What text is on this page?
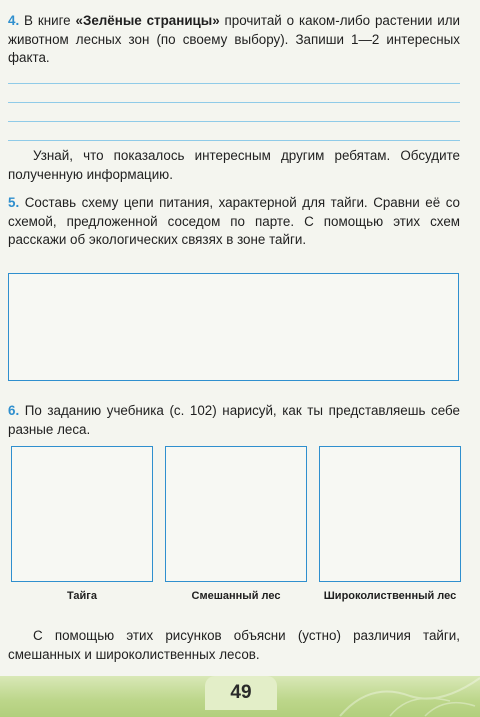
4. В книге «Зелёные страницы» прочитай о каком-либо растении или животном лесных зон (по своему выбору). Запиши 1—2 интересных факта.
Узнай, что показалось интересным другим ребятам. Обсудите полученную информацию.
5. Составь схему цепи питания, характерной для тайги. Сравни её со схемой, предложенной соседом по парте. С помощью этих схем расскажи об экологических связях в зоне тайги.
6. По заданию учебника (с. 102) нарисуй, как ты представляешь себе разные леса.
Тайга	Смешанный лес	Широколиственный лес
С помощью этих рисунков объясни (устно) различия тайги, смешанных и широколиственных лесов.
49
